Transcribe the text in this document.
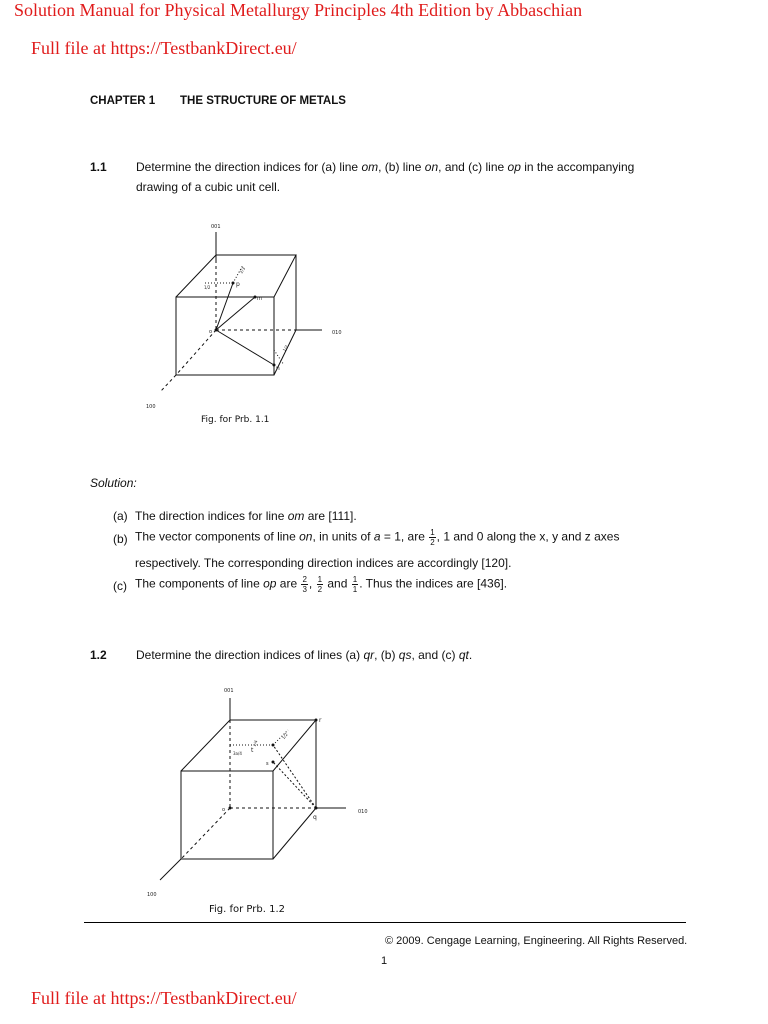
Solution Manual for Physical Metallurgy Principles 4th Edition by Abbaschian
Full file at https://TestbankDirect.eu/
CHAPTER 1 THE STRUCTURE OF METALS
1.1 Determine the direction indices for (a) line om, (b) line on, and (c) line op in the accompanying
drawing of a cubic unit cell.
001
010
100
p
m
o
n
1/2
1/2
2/3
Fig. for Prb. 1.1
Solution:
(a) The direction indices for line om are [111].
(b) The vector components of line on, in units of a = 1, are $\frac{1}{2}$ , 1 and 0 along the x, y and z axes
respectively. The corresponding direction indices are accordingly [120].
(c) The components of line op are $\frac{2}{3}$ , $\frac{1}{2}$ and $\frac{1}{1}$ . Thus the indices are [436].
1.2 Determine the direction indices of lines (a) qr, (b) qs, and (c) qt.
001
010
100
r
s
t
q
o
3a/4
1/2
1/4
Fig. for Prb. 1.2
© 2009. Cengage Learning, Engineering. All Rights Reserved.
1
Full file at https://TestbankDirect.eu/
